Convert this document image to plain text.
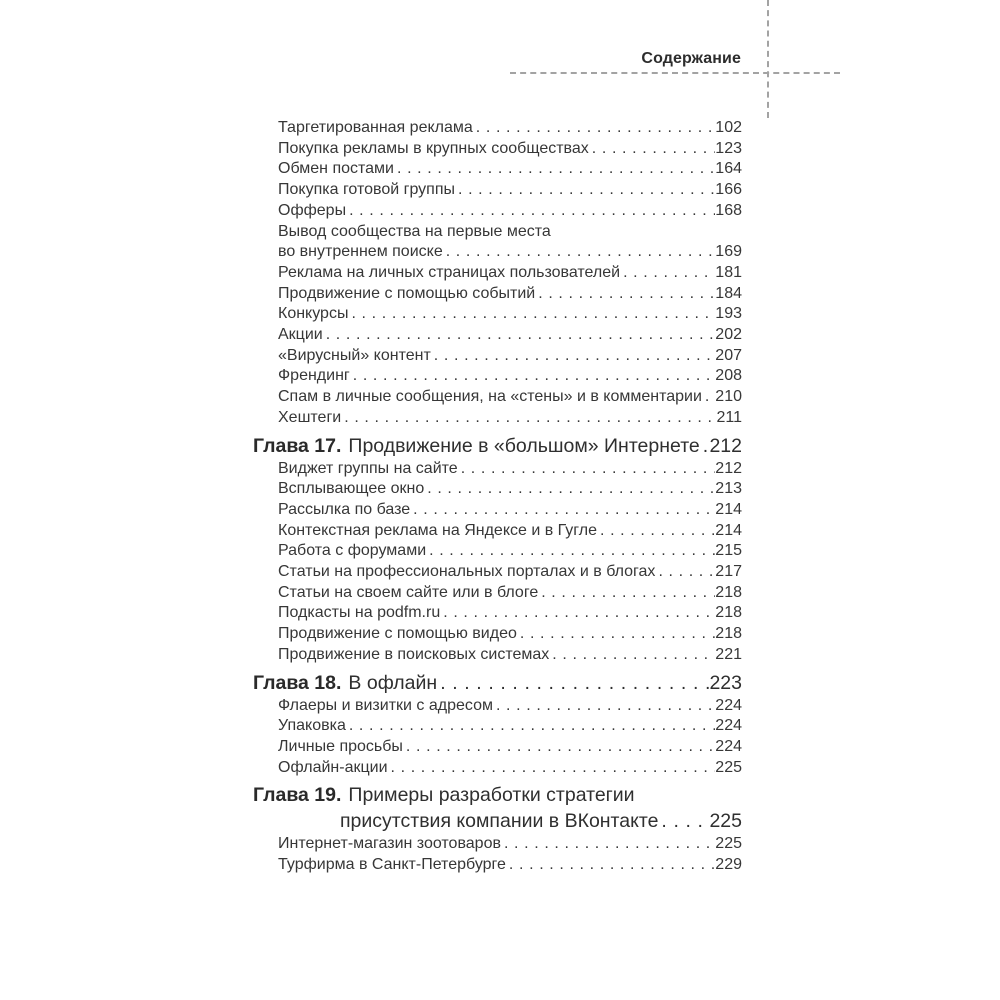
Содержание
Таргетированная реклама . . .	102
Покупка рекламы в крупных сообществах . . .	123
Обмен постами . . .	164
Покупка готовой группы . . .	166
Офферы . . .	168
Вывод сообщества на первые места
во внутреннем поиске . . .	169
Реклама на личных страницах пользователей . . .	181
Продвижение с помощью событий . . .	184
Конкурсы . . .	193
Акции . . .	202
«Вирусный» контент . . .	207
Френдинг . . .	208
Спам в личные сообщения, на «стены» и в комментарии . . . 210
Хештеги . . .	211
Глава 17. Продвижение в «большом» Интернете . . . 212
Виджет группы на сайте . . .	212
Всплывающее окно . . .	213
Рассылка по базе . . .	214
Контекстная реклама на Яндексе и в Гугле . . .	214
Работа с форумами . . .	215
Статьи на профессиональных порталах и в блогах . . .	217
Статьи на своем сайте или в блоге . . .	218
Подкасты на podfm.ru . . .	218
Продвижение с помощью видео . . .	218
Продвижение в поисковых системах . . .	221
Глава 18. В офлайн . . .	223
Флаеры и визитки с адресом . . .	224
Упаковка . . .	224
Личные просьбы . . .	224
Офлайн-акции . . .	225
Глава 19. Примеры разработки стратегии
присутствия компании в ВКонтакте . . .	225
Интернет-магазин зоотоваров . . .	225
Турфирма в Санкт-Петербурге . . .	229
